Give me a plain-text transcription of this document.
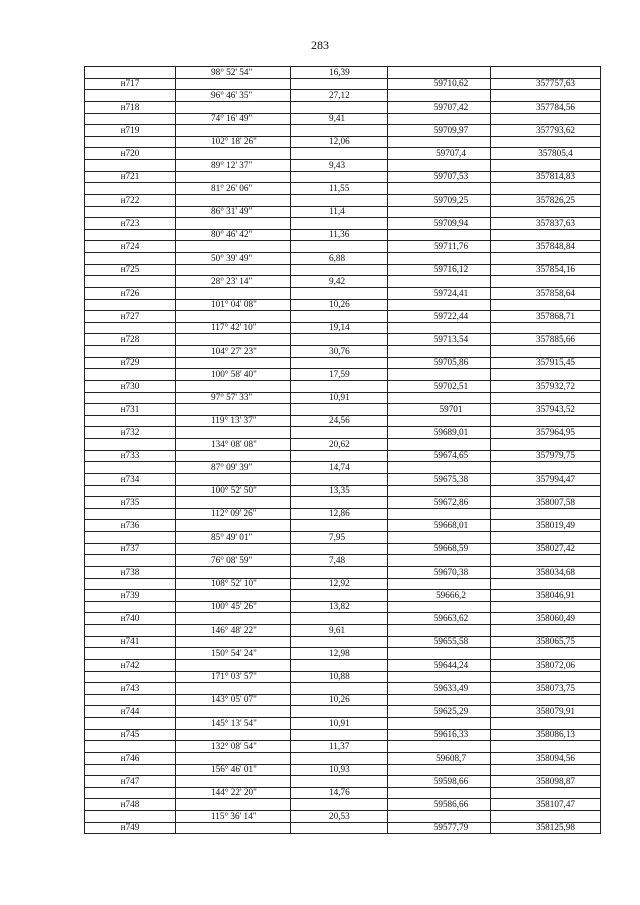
283
98° 52' 54"	16,39
н717	59710,62	357757,63
96° 46' 35"	27,12
н718	59707,42	357784,56
74° 16' 49"	9,41
н719	59709,97	357793,62
102° 18' 26"	12,06
н720	59707,4	357805,4
89° 12' 37"	9,43
н721	59707,53	357814,83
81° 26' 06"	11,55
н722	59709,25	357826,25
86° 31' 49"	11,4
н723	59709,94	357837,63
80° 46' 42"	11,36
н724	59711,76	357848,84
50° 39' 49"	6,88
н725	59716,12	357854,16
28° 23' 14"	9,42
н726	59724,41	357858,64
101° 04' 08"	10,26
н727	59722,44	357868,71
117° 42' 10"	19,14
н728	59713,54	357885,66
104° 27' 23"	30,76
н729	59705,86	357915,45
100° 58' 40"	17,59
н730	59702,51	357932,72
97° 57' 33"	10,91
н731	59701	357943,52
119° 13' 37"	24,56
н732	59689,01	357964,95
134° 08' 08"	20,62
н733	59674,65	357979,75
87° 09' 39"	14,74
н734	59675,38	357994,47
100° 52' 50"	13,35
н735	59672,86	358007,58
112° 09' 26"	12,86
н736	59668,01	358019,49
85° 49' 01"	7,95
н737	59668,59	358027,42
76° 08' 59"	7,48
н738	59670,38	358034,68
108° 52' 10"	12,92
н739	59666,2	358046,91
100° 45' 26"	13,82
н740	59663,62	358060,49
146° 48' 22"	9,61
н741	59655,58	358065,75
150° 54' 24"	12,98
н742	59644,24	358072,06
171° 03' 57"	10,88
н743	59633,49	358073,75
143° 05' 07"	10,26
н744	59625,29	358079,91
145° 13' 54"	10,91
н745	59616,33	358086,13
132° 08' 54"	11,37
н746	59608,7	358094,56
156° 46' 01"	10,93
н747	59598,66	358098,87
144° 22' 20"	14,76
н748	59586,66	358107,47
115° 36' 14"	20,53
н749	59577,79	358125,98
